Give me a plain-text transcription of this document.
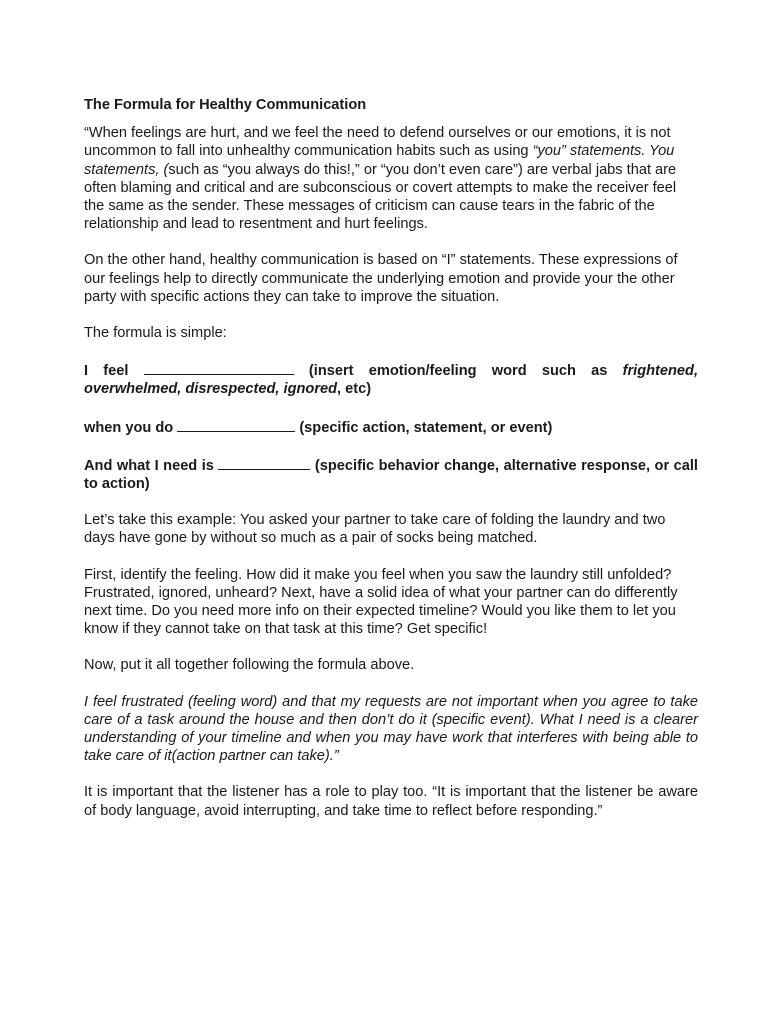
The Formula for Healthy Communication

“When feelings are hurt, and we feel the need to defend ourselves or our emotions, it is not uncommon to fall into unhealthy communication habits such as using “you” statements. You statements, (such as “you always do this!,” or “you don’t even care”) are verbal jabs that are often blaming and critical and are subconscious or covert attempts to make the receiver feel the same as the sender. These messages of criticism can cause tears in the fabric of the relationship and lead to resentment and hurt feelings.

On the other hand, healthy communication is based on “I” statements. These expressions of our feelings help to directly communicate the underlying emotion and provide your the other party with specific actions they can take to improve the situation.

The formula is simple:

I feel	(insert emotion/feeling word such as frightened, overwhelmed, disrespected, ignored, etc)

when you do	(specific action, statement, or event)

And what I need is	(specific behavior change, alternative response, or call to action)

Let’s take this example: You asked your partner to take care of folding the laundry and two days have gone by without so much as a pair of socks being matched.

First, identify the feeling. How did it make you feel when you saw the laundry still unfolded? Frustrated, ignored, unheard? Next, have a solid idea of what your partner can do differently next time. Do you need more info on their expected timeline? Would you like them to let you know if they cannot take on that task at this time? Get specific!

Now, put it all together following the formula above.

I feel frustrated (feeling word) and that my requests are not important when you agree to take care of a task around the house and then don’t do it (specific event). What I need is a clearer understanding of your timeline and when you may have work that interferes with being able to take care of it(action partner can take).”

It is important that the listener has a role to play too. “It is important that the listener be aware of body language, avoid interrupting, and take time to reflect before responding.”
